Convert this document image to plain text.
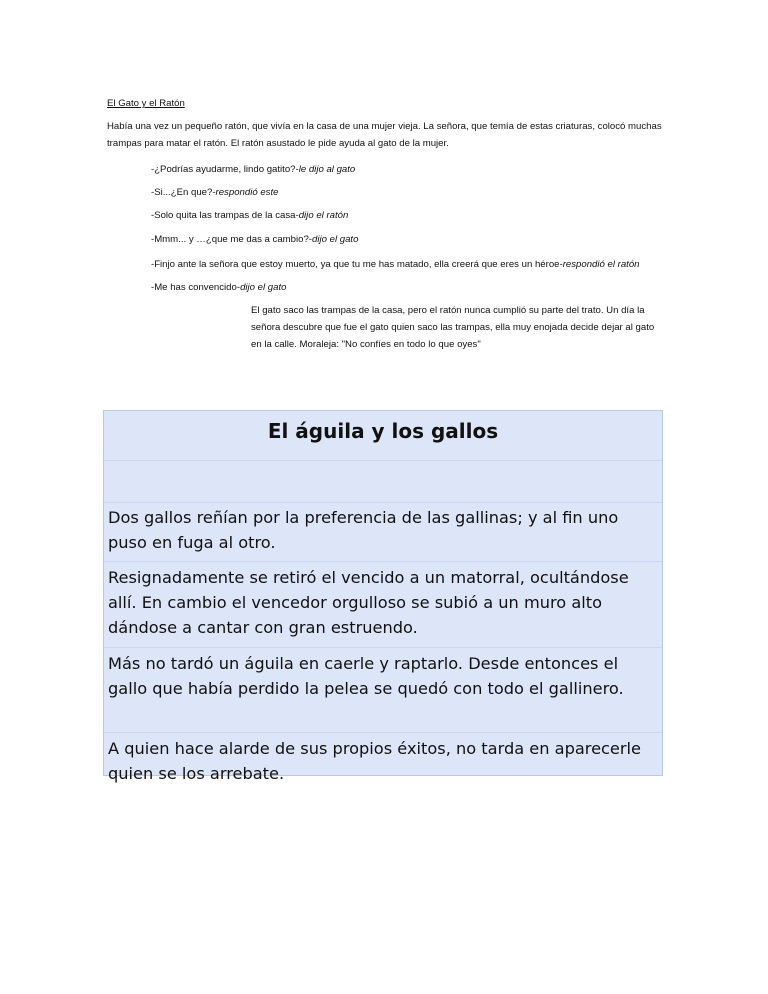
El Gato y el Ratón

Había una vez un pequeño ratón, que vivía en la casa de una mujer vieja. La señora, que temía de estas criaturas, colocó muchas trampas para matar el ratón. El ratón asustado le pide ayuda al gato de la mujer.

-¿Podrías ayudarme, lindo gatito?-le dijo al gato
-Si...¿En que?-respondió este
-Solo quita las trampas de la casa-dijo el ratón
-Mmm... y …¿que me das a cambio?-dijo el gato
-Finjo ante la señora que estoy muerto, ya que tu me has matado, ella creerá que eres un héroe-respondió el ratón
-Me has convencido-dijo el gato
El gato saco las trampas de la casa, pero el ratón nunca cumplió su parte del trato. Un día la señora descubre que fue el gato quien saco las trampas, ella muy enojada decide dejar al gato en la calle. Moraleja: "No confíes en todo lo que oyes"
El águila y los gallos
Dos gallos reñían por la preferencia de las gallinas; y al fin uno puso en fuga al otro.
Resignadamente se retiró el vencido a un matorral, ocultándose allí. En cambio el vencedor orgulloso se subió a un muro alto dándose a cantar con gran estruendo.
Más no tardó un águila en caerle y raptarlo. Desde entonces el gallo que había perdido la pelea se quedó con todo el gallinero.
A quien hace alarde de sus propios éxitos, no tarda en aparecerle quien se los arrebate.
